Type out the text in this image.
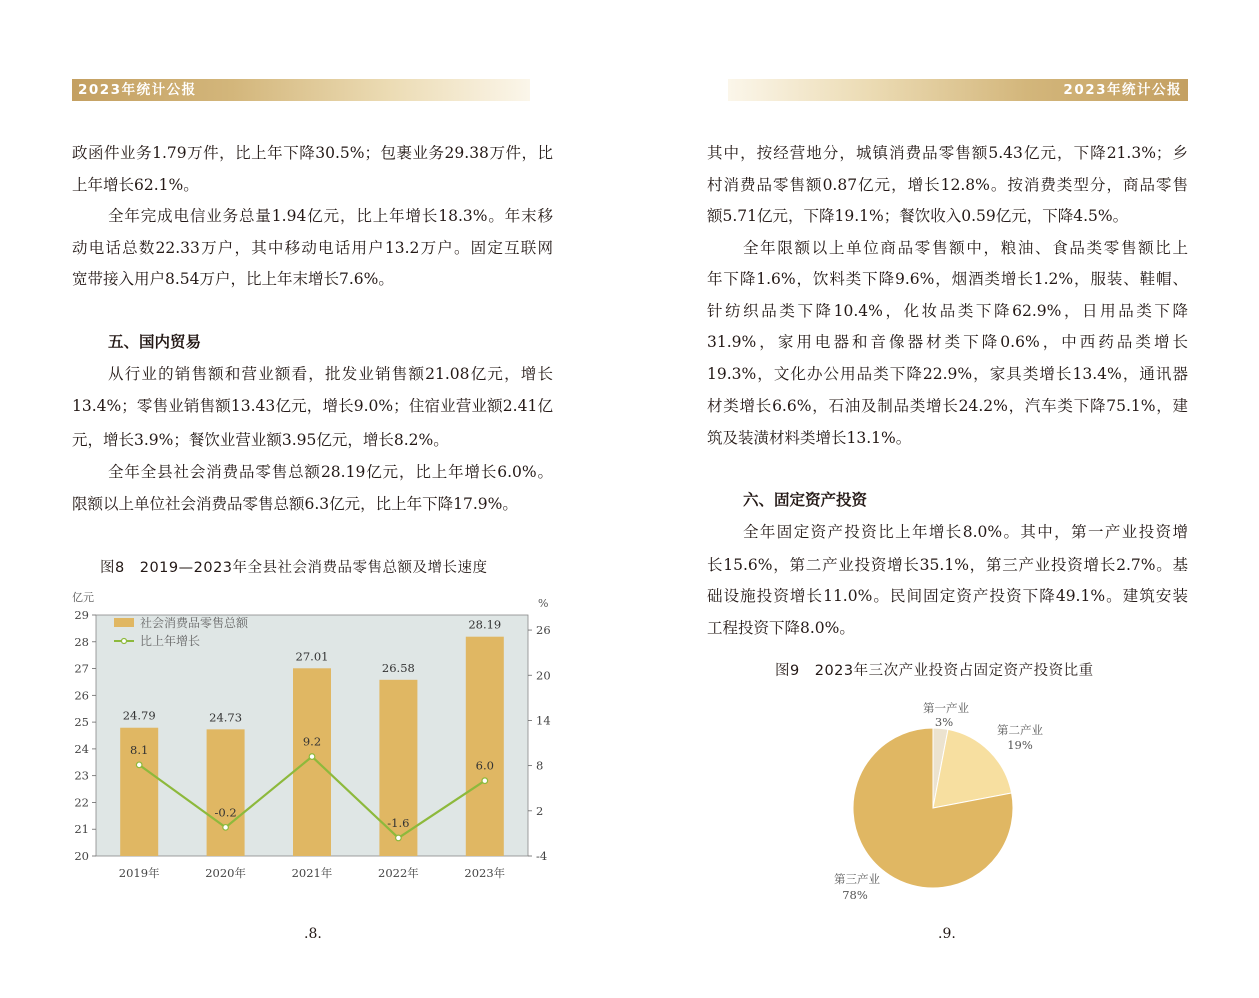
2023年统计公报	2023年统计公报
政函件业务1.79万件，比上年下降30.5%；包裹业务29.38万件，比
上年增长62.1%。
全年完成电信业务总量1.94亿元，比上年增长18.3%。年末移
动电话总数22.33万户，其中移动电话用户13.2万户。固定互联网
宽带接入用户8.54万户，比上年末增长7.6%。
五、国内贸易
从行业的销售额和营业额看，批发业销售额21.08亿元，增长
13.4%；零售业销售额13.43亿元，增长9.0%；住宿业营业额2.41亿
元，增长3.9%；餐饮业营业额3.95亿元，增长8.2%。
全年全县社会消费品零售总额28.19亿元，比上年增长6.0%。
限额以上单位社会消费品零售总额6.3亿元，比上年下降17.9%。
图8　2019—2023年全县社会消费品零售总额及增长速度
24.79	24.73
27.01
26.58
28.19
8.1
-0.2
9.2
-1.6
6.0
20
21
22
23
24
25
26
27
28
29
-4
2
8
14
20
26
2019年	2020年	2021年	2022年	2023年
亿元	%
社会消费品零售总额
比上年增长
.8.
其中，按经营地分，城镇消费品零售额5.43亿元，下降21.3%；乡
村消费品零售额0.87亿元，增长12.8%。按消费类型分，商品零售
额5.71亿元，下降19.1%；餐饮收入0.59亿元，下降4.5%。
全年限额以上单位商品零售额中，粮油、食品类零售额比上
年下降1.6%，饮料类下降9.6%，烟酒类增长1.2%，服装、鞋帽、
针纺织品类下降10.4%，化妆品类下降62.9%，日用品类下降
31.9%，家用电器和音像器材类下降0.6%，中西药品类增长
19.3%，文化办公用品类下降22.9%，家具类增长13.4%，通讯器
材类增长6.6%，石油及制品类增长24.2%，汽车类下降75.1%，建
筑及装潢材料类增长13.1%。
六、固定资产投资
全年固定资产投资比上年增长8.0%。其中，第一产业投资增
长15.6%，第二产业投资增长35.1%，第三产业投资增长2.7%。基
础设施投资增长11.0%。民间固定资产投资下降49.1%。建筑安装
工程投资下降8.0%。
图9　2023年三次产业投资占固定资产投资比重
第一产业
3%
第二产业
19%
第三产业
78%
.9.
